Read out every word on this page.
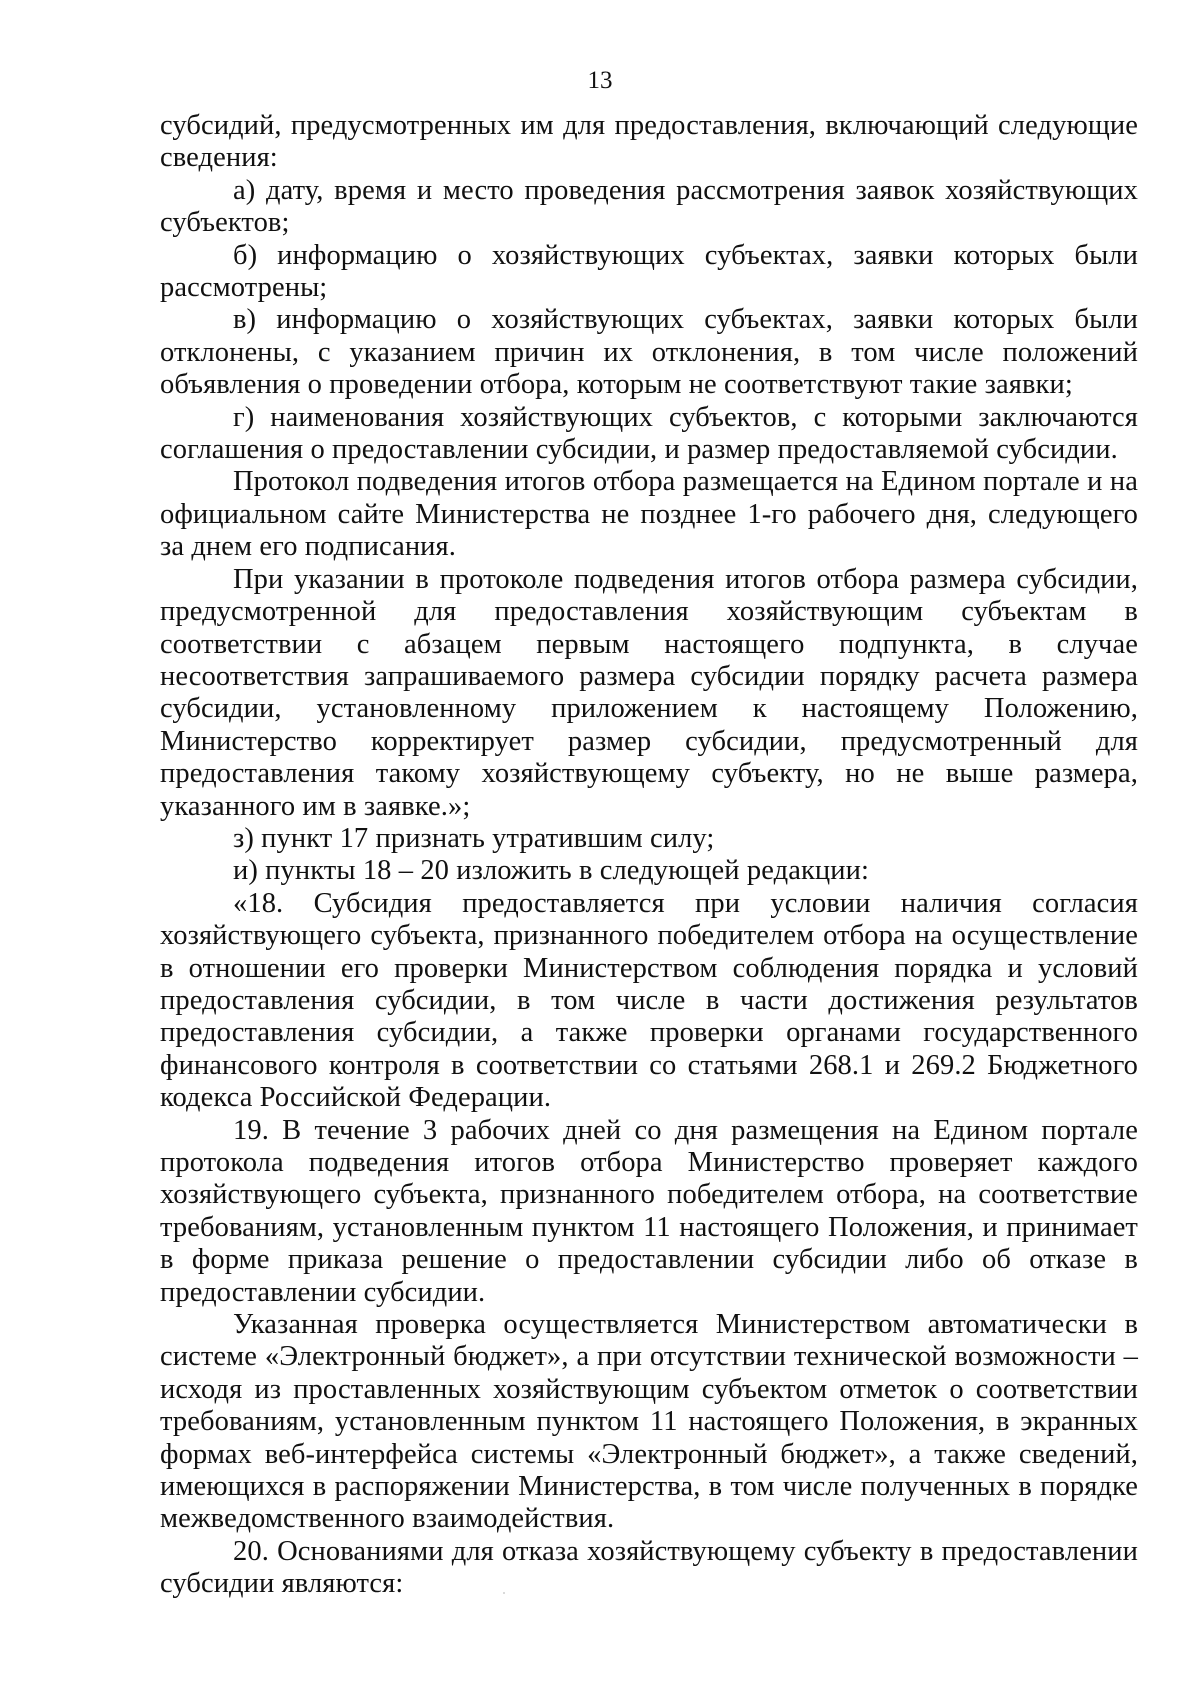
13

субсидий, предусмотренных им для предоставления, включающий следующие сведения:

а) дату, время и место проведения рассмотрения заявок хозяйствующих субъектов;

б) информацию о хозяйствующих субъектах, заявки которых были рассмотрены;

в) информацию о хозяйствующих субъектах, заявки которых были отклонены, с указанием причин их отклонения, в том числе положений объявления о проведении отбора, которым не соответствуют такие заявки;

г) наименования хозяйствующих субъектов, с которыми заключаются соглашения о предоставлении субсидии, и размер предоставляемой субсидии.

Протокол подведения итогов отбора размещается на Едином портале и на официальном сайте Министерства не позднее 1-го рабочего дня, следующего за днем его подписания.

При указании в протоколе подведения итогов отбора размера субсидии, предусмотренной для предоставления хозяйствующим субъектам в соответствии с абзацем первым настоящего подпункта, в случае несоответствия запрашиваемого размера субсидии порядку расчета размера субсидии, установленному приложением к настоящему Положению, Министерство корректирует размер субсидии, предусмотренный для предоставления такому хозяйствующему субъекту, но не выше размера, указанного им в заявке.»;

з) пункт 17 признать утратившим силу;

и) пункты 18 – 20 изложить в следующей редакции:

«18. Субсидия предоставляется при условии наличия согласия хозяйствующего субъекта, признанного победителем отбора на осуществление в отношении его проверки Министерством соблюдения порядка и условий предоставления субсидии, в том числе в части достижения результатов предоставления субсидии, а также проверки органами государственного финансового контроля в соответствии со статьями 268.1 и 269.2 Бюджетного кодекса Российской Федерации.

19. В течение 3 рабочих дней со дня размещения на Едином портале протокола подведения итогов отбора Министерство проверяет каждого хозяйствующего субъекта, признанного победителем отбора, на соответствие требованиям, установленным пунктом 11 настоящего Положения, и принимает в форме приказа решение о предоставлении субсидии либо об отказе в предоставлении субсидии.

Указанная проверка осуществляется Министерством автоматически в системе «Электронный бюджет», а при отсутствии технической возможности – исходя из проставленных хозяйствующим субъектом отметок о соответствии требованиям, установленным пунктом 11 настоящего Положения, в экранных формах веб-интерфейса системы «Электронный бюджет», а также сведений, имеющихся в распоряжении Министерства, в том числе полученных в порядке межведомственного взаимодействия.

20. Основаниями для отказа хозяйствующему субъекту в предоставлении субсидии являются:
